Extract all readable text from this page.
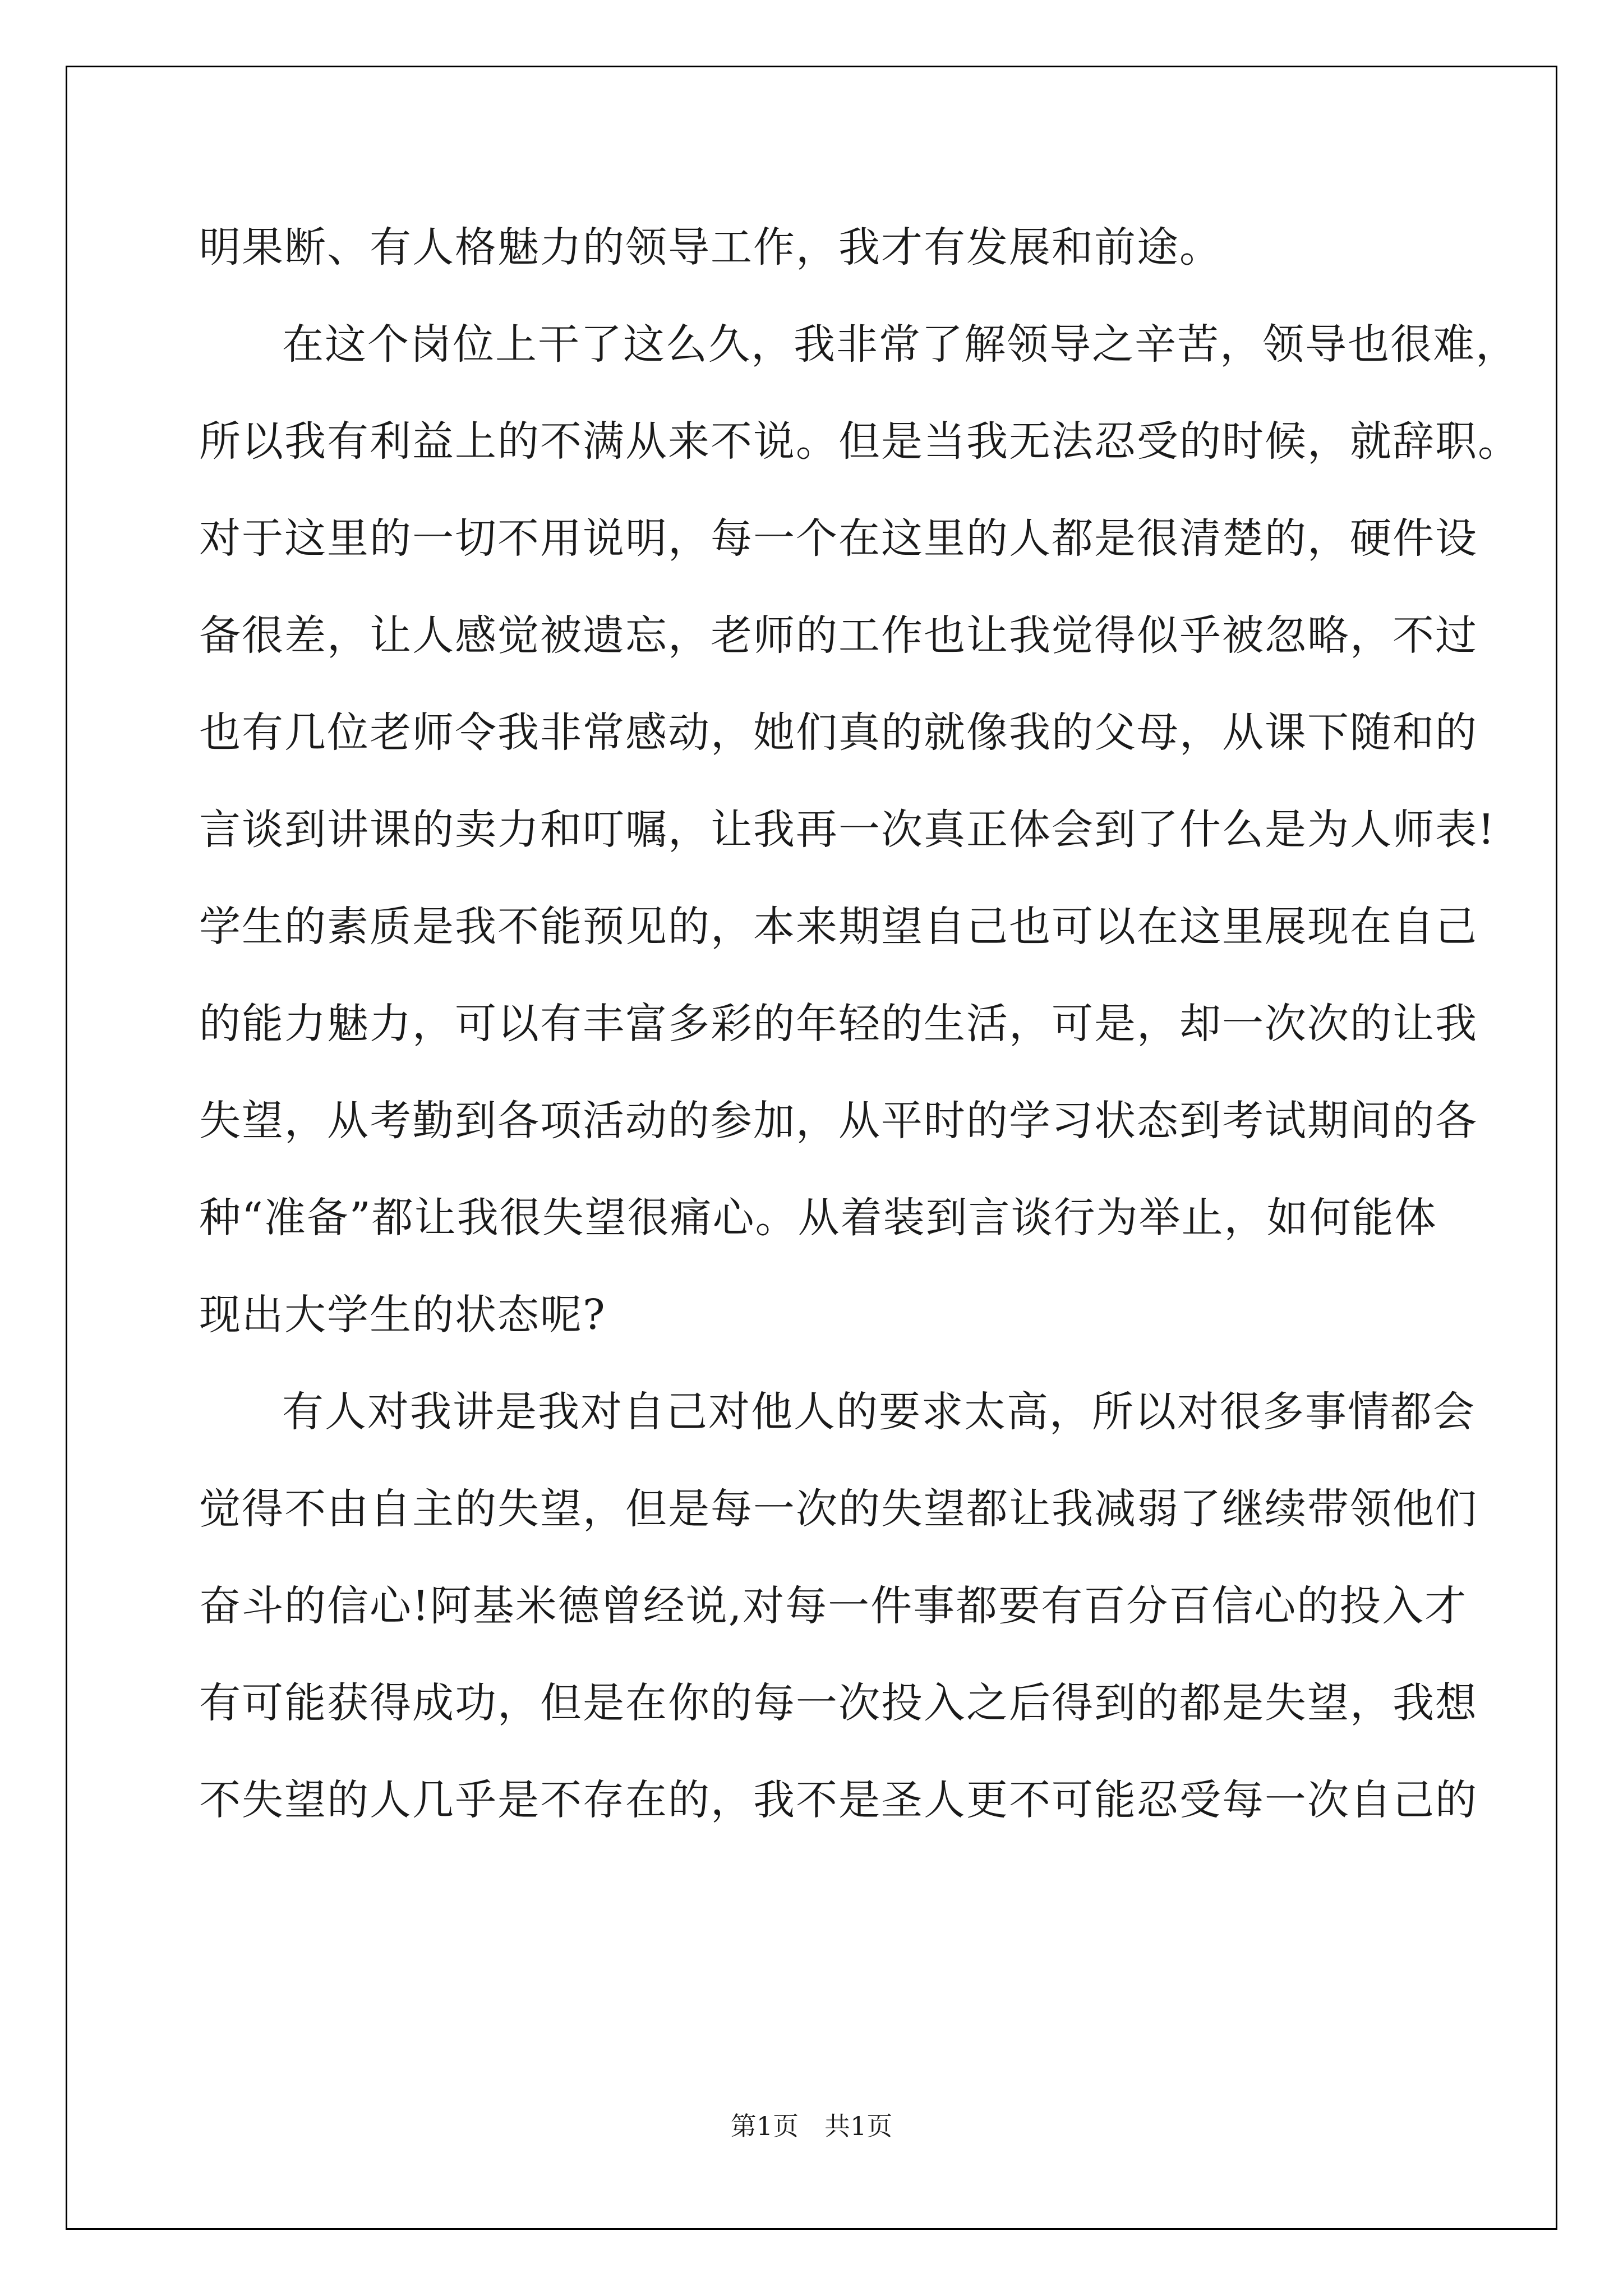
明果断、有人格魅力的领导工作，我才有发展和前途。
在这个岗位上干了这么久，我非常了解领导之辛苦，领导也很难，
所以我有利益上的不满从来不说。但是当我无法忍受的时候，就辞职。
对于这里的一切不用说明，每一个在这里的人都是很清楚的，硬件设
备很差，让人感觉被遗忘，老师的工作也让我觉得似乎被忽略，不过
也有几位老师令我非常感动，她们真的就像我的父母，从课下随和的
言谈到讲课的卖力和叮嘱，让我再一次真正体会到了什么是为人师表!
学生的素质是我不能预见的，本来期望自己也可以在这里展现在自己
的能力魅力，可以有丰富多彩的年轻的生活，可是，却一次次的让我
失望，从考勤到各项活动的参加，从平时的学习状态到考试期间的各
种“准备”都让我很失望很痛心。从着装到言谈行为举止，如何能体
现出大学生的状态呢?
有人对我讲是我对自己对他人的要求太高，所以对很多事情都会
觉得不由自主的失望，但是每一次的失望都让我减弱了继续带领他们
奋斗的信心!阿基米德曾经说,对每一件事都要有百分百信心的投入才
有可能获得成功，但是在你的每一次投入之后得到的都是失望，我想
不失望的人几乎是不存在的，我不是圣人更不可能忍受每一次自己的
第1页 共1页
